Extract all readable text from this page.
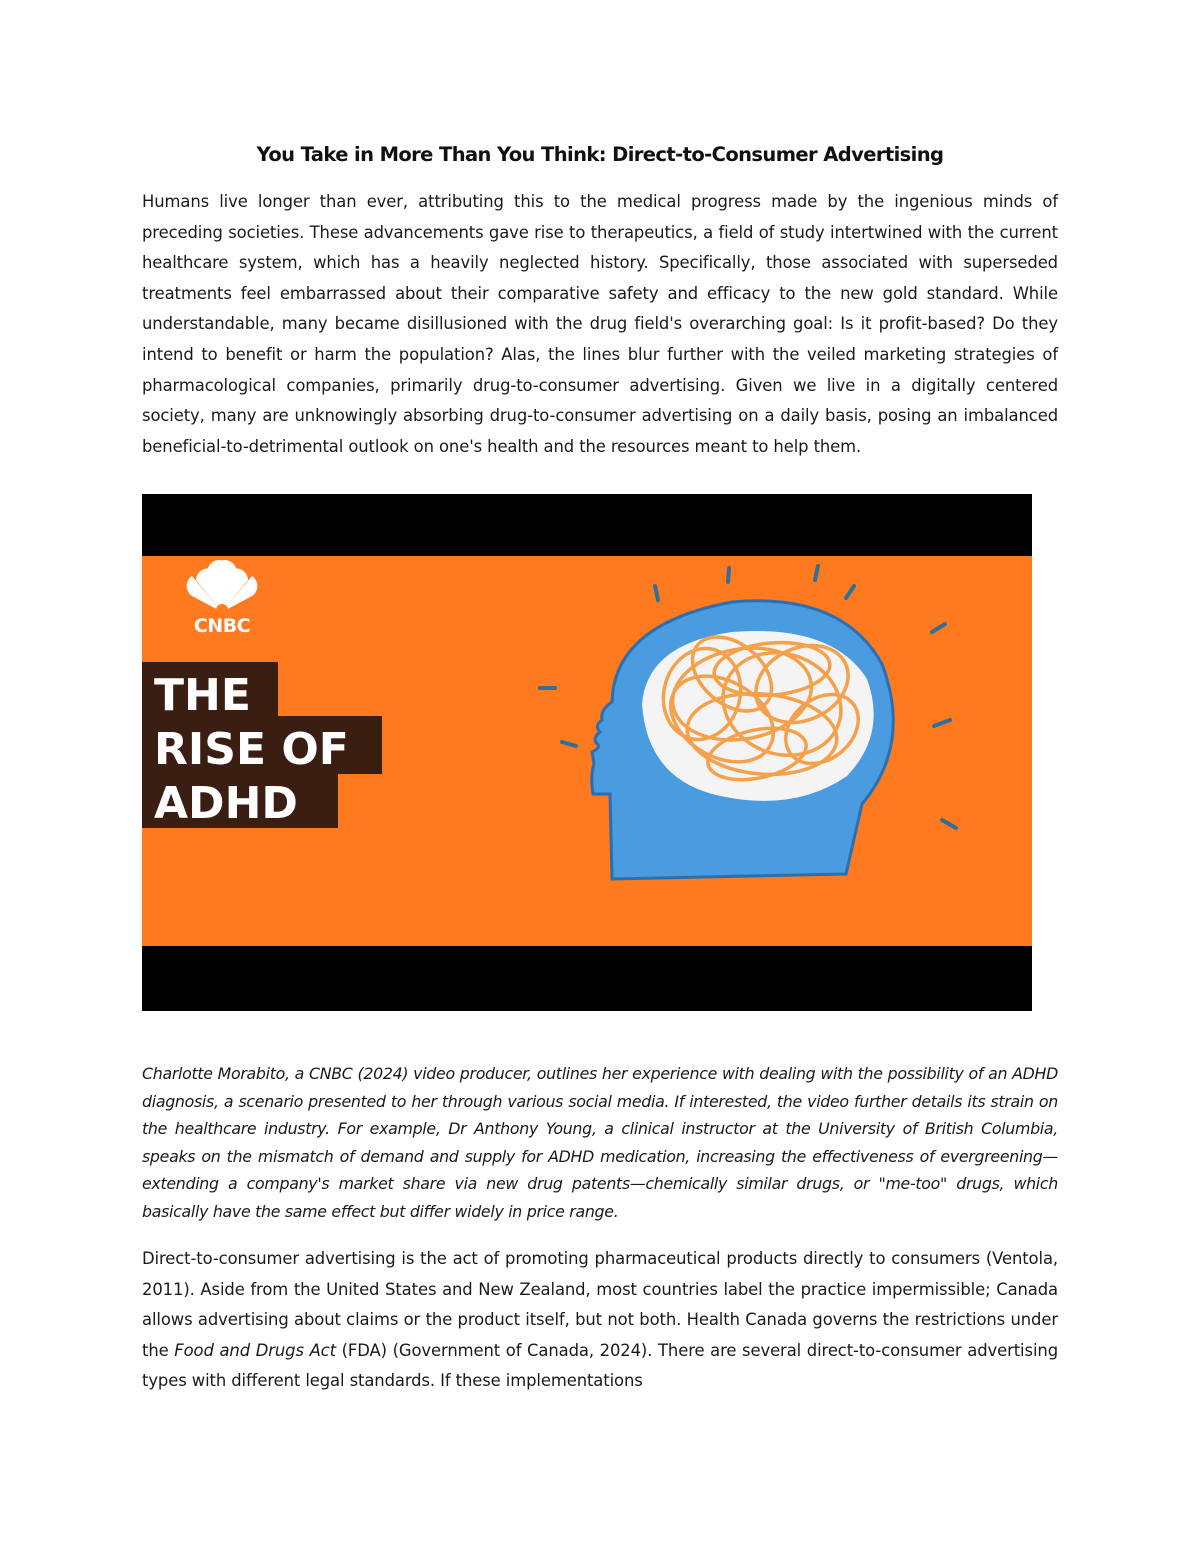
You Take in More Than You Think: Direct-to-Consumer Advertising

Humans live longer than ever, attributing this to the medical progress made by the ingenious minds of preceding societies. These advancements gave rise to therapeutics, a field of study intertwined with the current healthcare system, which has a heavily neglected history. Specifically, those associated with superseded treatments feel embarrassed about their comparative safety and efficacy to the new gold standard. While understandable, many became disillusioned with the drug field's overarching goal: Is it profit-based? Do they intend to benefit or harm the population? Alas, the lines blur further with the veiled marketing strategies of pharmacological companies, primarily drug-to-consumer advertising. Given we live in a digitally centered society, many are unknowingly absorbing drug-to-consumer advertising on a daily basis, posing an imbalanced beneficial-to-detrimental outlook on one's health and the resources meant to help them.

CNBC
THE
RISE OF
ADHD

Charlotte Morabito, a CNBC (2024) video producer, outlines her experience with dealing with the possibility of an ADHD diagnosis, a scenario presented to her through various social media. If interested, the video further details its strain on the healthcare industry. For example, Dr Anthony Young, a clinical instructor at the University of British Columbia, speaks on the mismatch of demand and supply for ADHD medication, increasing the effectiveness of evergreening—extending a company's market share via new drug patents—chemically similar drugs, or "me-too" drugs, which basically have the same effect but differ widely in price range.

Direct-to-consumer advertising is the act of promoting pharmaceutical products directly to consumers (Ventola, 2011). Aside from the United States and New Zealand, most countries label the practice impermissible; Canada allows advertising about claims or the product itself, but not both. Health Canada governs the restrictions under the Food and Drugs Act (FDA) (Government of Canada, 2024). There are several direct-to-consumer advertising types with different legal standards. If these implementations
